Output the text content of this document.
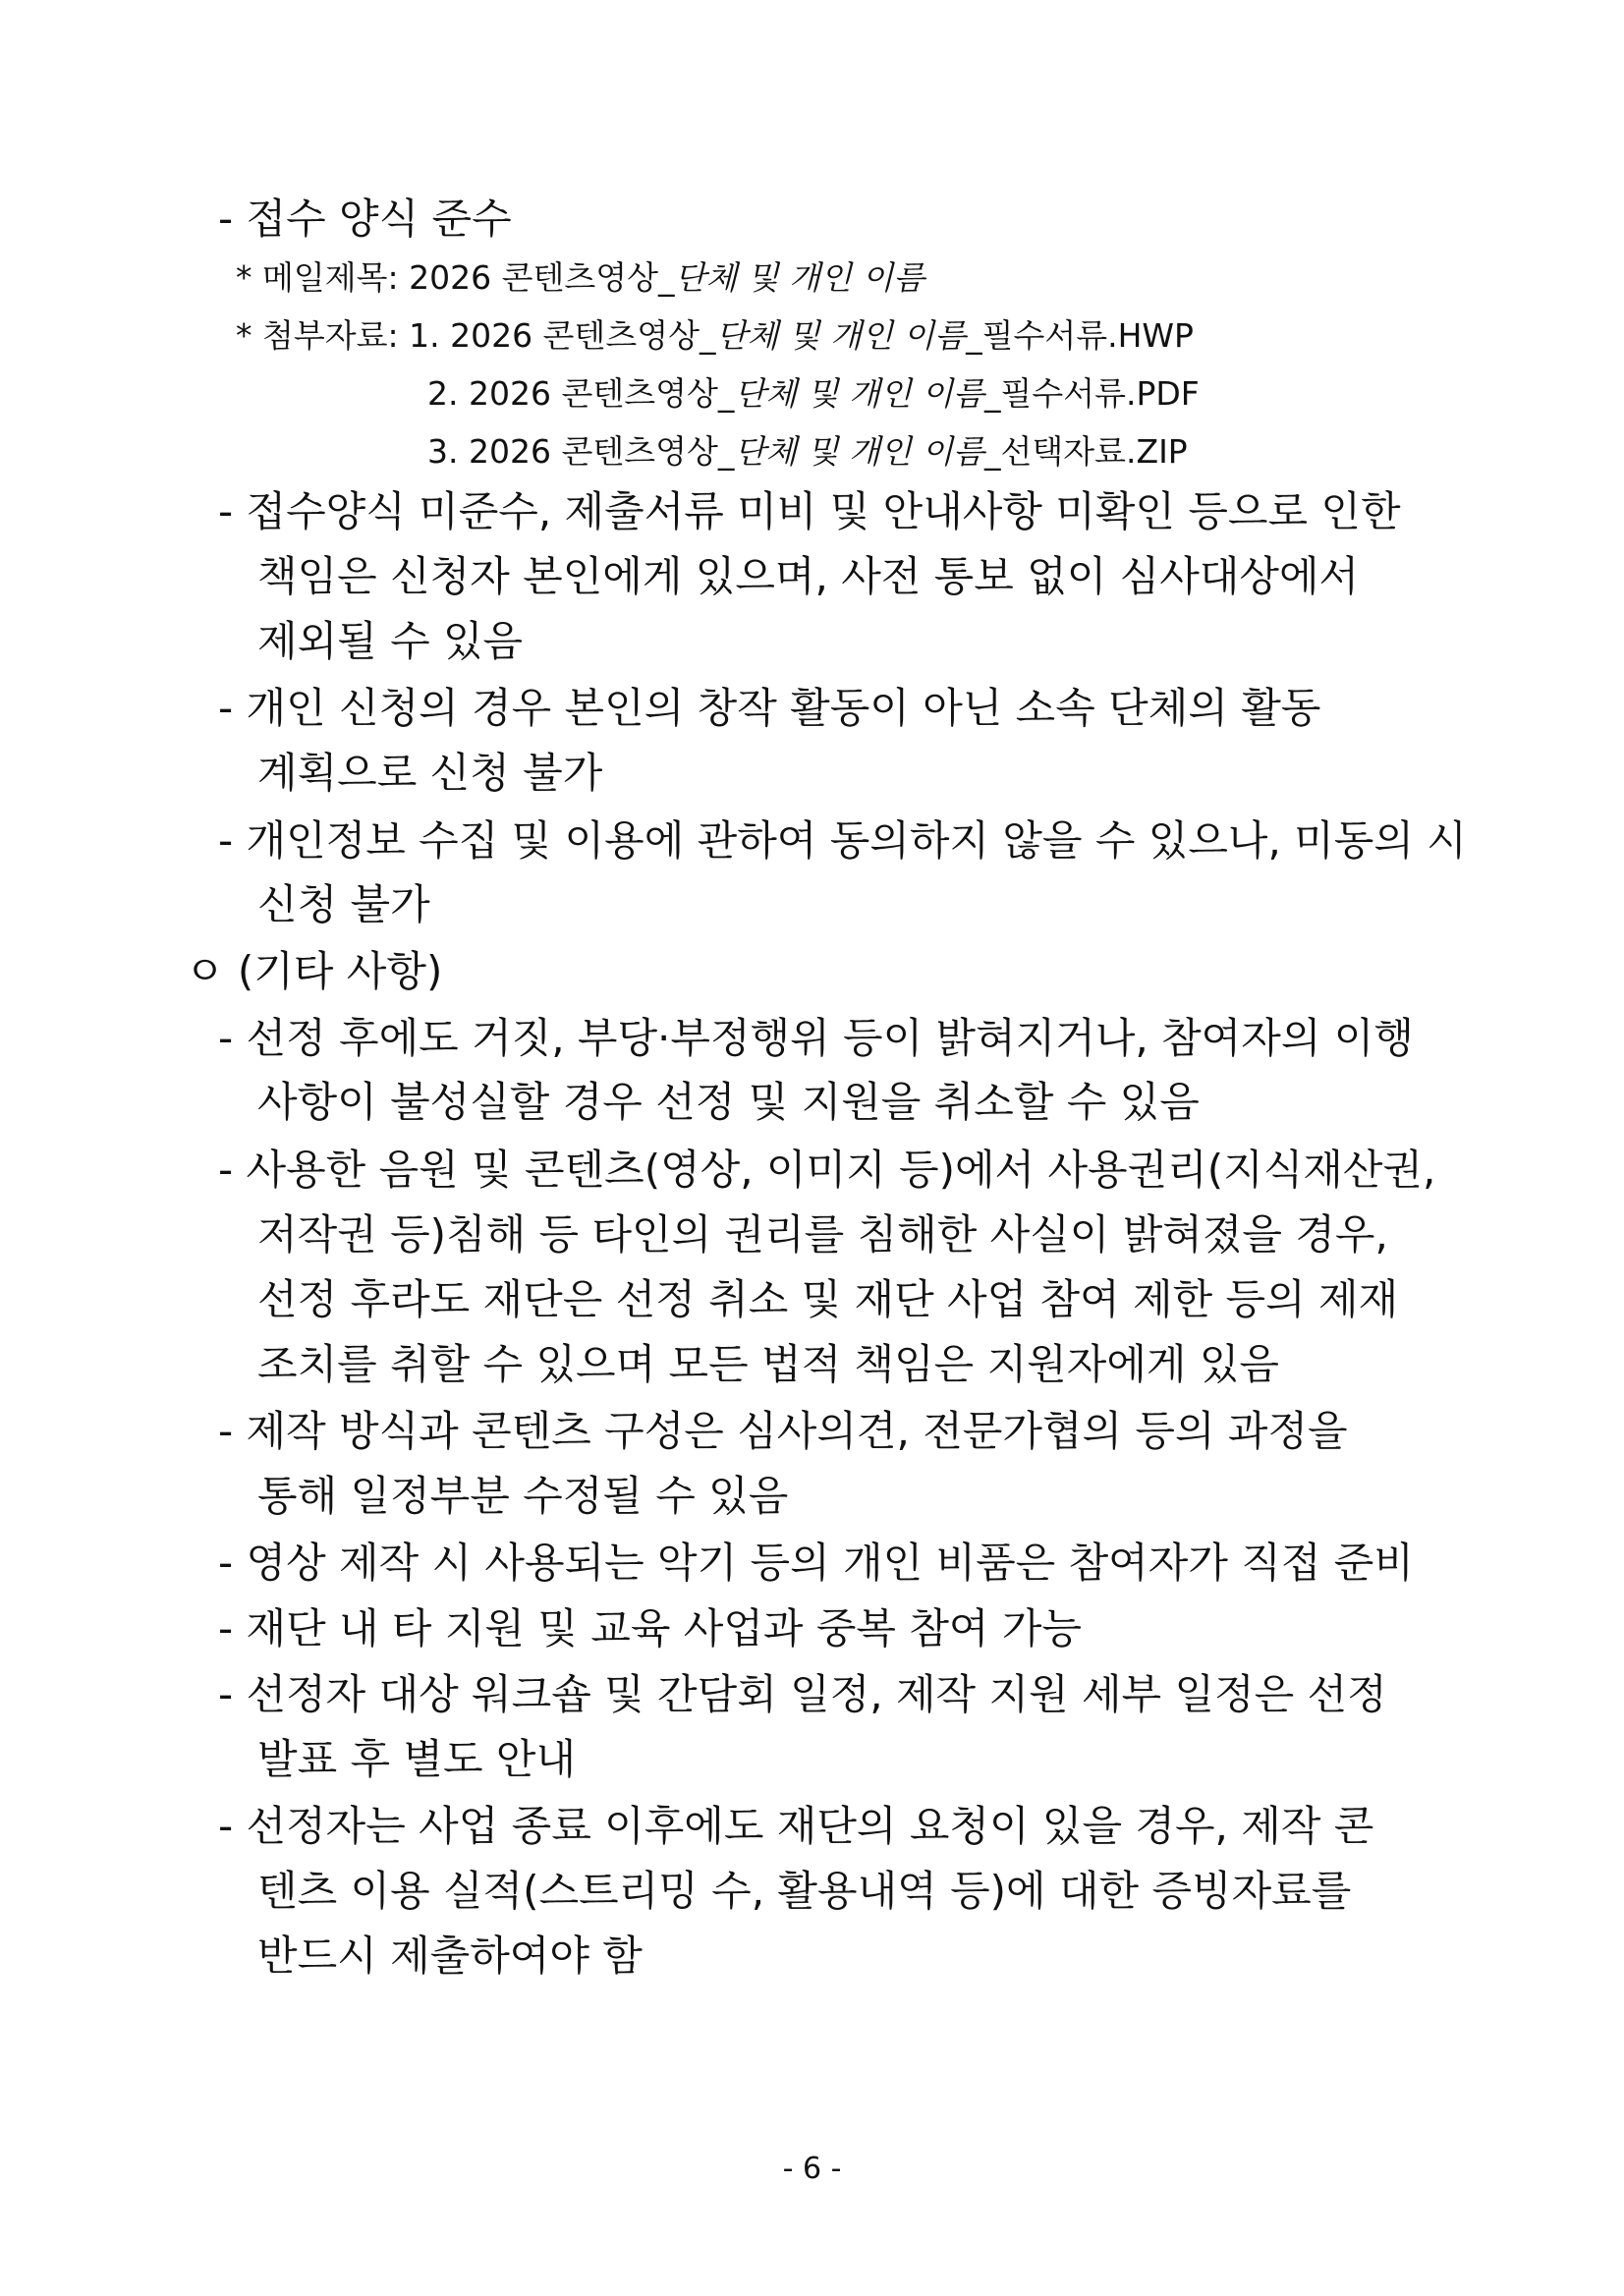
- 접수 양식 준수
* 메일제목: 2026 콘텐츠영상_단체 및 개인 이름
* 첨부자료: 1. 2026 콘텐츠영상_단체 및 개인 이름_필수서류.HWP
2. 2026 콘텐츠영상_단체 및 개인 이름_필수서류.PDF
3. 2026 콘텐츠영상_단체 및 개인 이름_선택자료.ZIP
- 접수양식 미준수, 제출서류 미비 및 안내사항 미확인 등으로 인한
책임은 신청자 본인에게 있으며, 사전 통보 없이 심사대상에서
제외될 수 있음
- 개인 신청의 경우 본인의 창작 활동이 아닌 소속 단체의 활동
계획으로 신청 불가
- 개인정보 수집 및 이용에 관하여 동의하지 않을 수 있으나, 미동의 시
신청 불가
ㅇ (기타 사항)
- 선정 후에도 거짓, 부당·부정행위 등이 밝혀지거나, 참여자의 이행
사항이 불성실할 경우 선정 및 지원을 취소할 수 있음
- 사용한 음원 및 콘텐츠(영상, 이미지 등)에서 사용권리(지식재산권,
저작권 등)침해 등 타인의 권리를 침해한 사실이 밝혀졌을 경우,
선정 후라도 재단은 선정 취소 및 재단 사업 참여 제한 등의 제재
조치를 취할 수 있으며 모든 법적 책임은 지원자에게 있음
- 제작 방식과 콘텐츠 구성은 심사의견, 전문가협의 등의 과정을
통해 일정부분 수정될 수 있음
- 영상 제작 시 사용되는 악기 등의 개인 비품은 참여자가 직접 준비
- 재단 내 타 지원 및 교육 사업과 중복 참여 가능
- 선정자 대상 워크숍 및 간담회 일정, 제작 지원 세부 일정은 선정
발표 후 별도 안내
- 선정자는 사업 종료 이후에도 재단의 요청이 있을 경우, 제작 콘
텐츠 이용 실적(스트리밍 수, 활용내역 등)에 대한 증빙자료를
반드시 제출하여야 함
- 6 -
